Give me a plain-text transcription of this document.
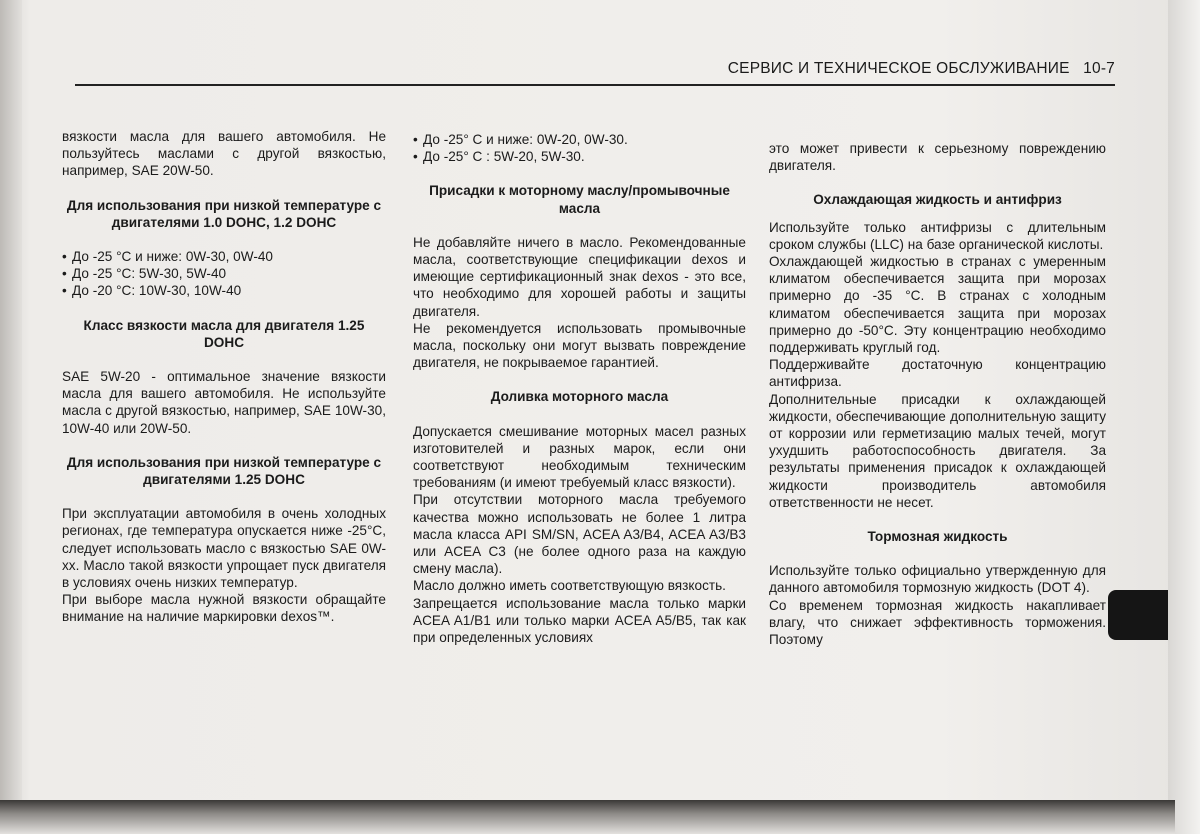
СЕРВИС И ТЕХНИЧЕСКОЕ ОБСЛУЖИВАНИЕ 10-7

вязкости масла для вашего автомобиля. Не пользуйтесь маслами с другой вязкостью, например, SAE 20W-50.

Для использования при низкой температуре с двигателями 1.0 DOHC, 1.2 DOHC
• До -25 °С и ниже: 0W-30, 0W-40
• До -25 °С: 5W-30, 5W-40
• До -20 °С: 10W-30, 10W-40
Класс вязкости масла для двигателя 1.25 DOHC

SAE 5W-20 - оптимальное значение вязкости масла для вашего автомобиля. Не используйте масла с другой вязкостью, например, SAE 10W-30, 10W-40 или 20W-50.

Для использования при низкой температуре с двигателями 1.25 DOHC

При эксплуатации автомобиля в очень холодных регионах, где температура опускается ниже -25°С, следует использовать масло с вязкостью SAE 0W-xx. Масло такой вязкости упрощает пуск двигателя в условиях очень низких температур.

При выборе масла нужной вязкости обращайте внимание на наличие маркировки dexos™.

• До -25° С и ниже: 0W-20, 0W-30.
• До -25° С : 5W-20, 5W-30.
Присадки к моторному маслу/промывочные масла

Не добавляйте ничего в масло. Рекомендованные масла, соответствующие спецификации dexos и имеющие сертификационный знак dexos - это все, что необходимо для хорошей работы и защиты двигателя.

Не рекомендуется использовать промывочные масла, поскольку они могут вызвать повреждение двигателя, не покрываемое гарантией.

Доливка моторного масла

Допускается смешивание моторных масел разных изготовителей и разных марок, если они соответствуют необходимым техническим требованиям (и имеют требуемый класс вязкости).

При отсутствии моторного масла требуемого качества можно использовать не более 1 литра масла класса API SM/SN, ACEA A3/B4, ACEA A3/B3 или ACEA C3 (не более одного раза на каждую смену масла).

Масло должно иметь соответствующую вязкость.

Запрещается использование масла только марки ACEA A1/B1 или только марки ACEA A5/B5, так как при определенных условиях

это может привести к серьезному повреждению двигателя.

Охлаждающая жидкость и антифриз

Используйте только антифризы с длительным сроком службы (LLC) на базе органической кислоты.

Охлаждающей жидкостью в странах с умеренным климатом обеспечивается защита при морозах примерно до -35 °С. В странах с холодным климатом обеспечивается защита при морозах примерно до -50°С. Эту концентрацию необходимо поддерживать круглый год.

Поддерживайте достаточную концентрацию антифриза.

Дополнительные присадки к охлаждающей жидкости, обеспечивающие дополнительную защиту от коррозии или герметизацию малых течей, могут ухудшить работоспособность двигателя. За результаты применения присадок к охлаждающей жидкости производитель автомобиля ответственности не несет.

Тормозная жидкость

Используйте только официально утвержденную для данного автомобиля тормозную жидкость (DOT 4).

Со временем тормозная жидкость накапливает влагу, что снижает эффективность торможения. Поэтому
